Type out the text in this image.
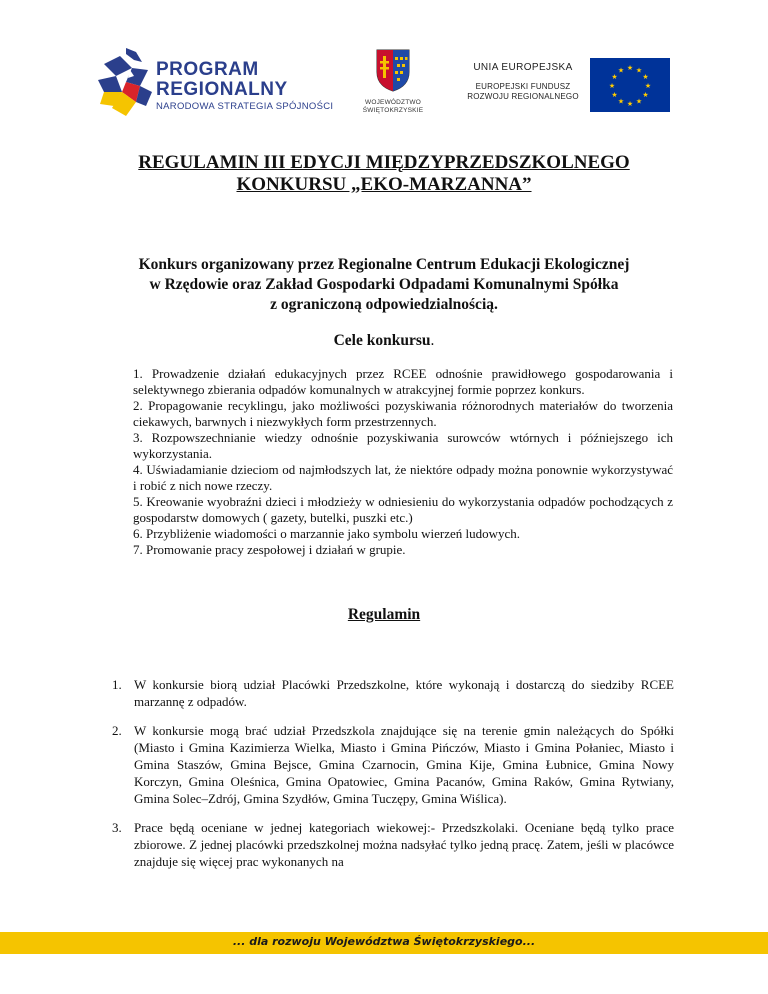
PROGRAM
REGIONALNY
NARODOWA STRATEGIA SPÓJNOŚCI	WOJEWÓDZTWO
ŚWIĘTOKRZYSKIE
UNIA EUROPEJSKA
EUROPEJSKI FUNDUSZ
ROZWOJU REGIONALNEGO
★ ★
★
★
★
★
★
★
★
★
★
★
REGULAMIN III EDYCJI MIĘDZYPRZEDSZKOLNEGO
KONKURSU „EKO-MARZANNA”
Konkurs organizowany przez Regionalne Centrum Edukacji Ekologicznej
w Rzędowie oraz Zakład Gospodarki Odpadami Komunalnymi Spółka
z ograniczoną odpowiedzialnością.
Cele konkursu.
1. Prowadzenie działań edukacyjnych przez RCEE odnośnie prawidłowego gospodarowania i selektywnego zbierania odpadów komunalnych w atrakcyjnej formie poprzez konkurs.
2. Propagowanie recyklingu, jako możliwości pozyskiwania różnorodnych materiałów do tworzenia ciekawych, barwnych i niezwykłych form przestrzennych.
3. Rozpowszechnianie wiedzy odnośnie pozyskiwania surowców wtórnych i późniejszego ich wykorzystania.
4. Uświadamianie dzieciom od najmłodszych lat, że niektóre odpady można ponownie wykorzystywać i robić z nich nowe rzeczy.
5. Kreowanie wyobraźni dzieci i młodzieży w odniesieniu do wykorzystania odpadów pochodzących z gospodarstw domowych ( gazety, butelki, puszki etc.)
6. Przybliżenie wiadomości o marzannie jako symbolu wierzeń ludowych.
7. Promowanie pracy zespołowej i działań w grupie.
Regulamin
1. W konkursie biorą udział Placówki Przedszkolne, które wykonają i dostarczą do siedziby RCEE marzannę z odpadów.
2. W konkursie mogą brać udział Przedszkola znajdujące się na terenie gmin należących do Spółki (Miasto i Gmina Kazimierza Wielka, Miasto i Gmina Pińczów, Miasto i Gmina Połaniec, Miasto i Gmina Staszów, Gmina Bejsce, Gmina Czarnocin, Gmina Kije, Gmina Łubnice, Gmina Nowy Korczyn, Gmina Oleśnica, Gmina Opatowiec, Gmina Pacanów, Gmina Raków, Gmina Rytwiany, Gmina Solec–Zdrój, Gmina Szydłów, Gmina Tuczępy, Gmina Wiślica).
3. Prace będą oceniane w jednej kategoriach wiekowej:- Przedszkolaki. Oceniane będą tylko prace zbiorowe. Z jednej placówki przedszkolnej można nadsyłać tylko jedną pracę. Zatem, jeśli w placówce znajduje się więcej prac wykonanych na
... dla rozwoju Województwa Świętokrzyskiego...
